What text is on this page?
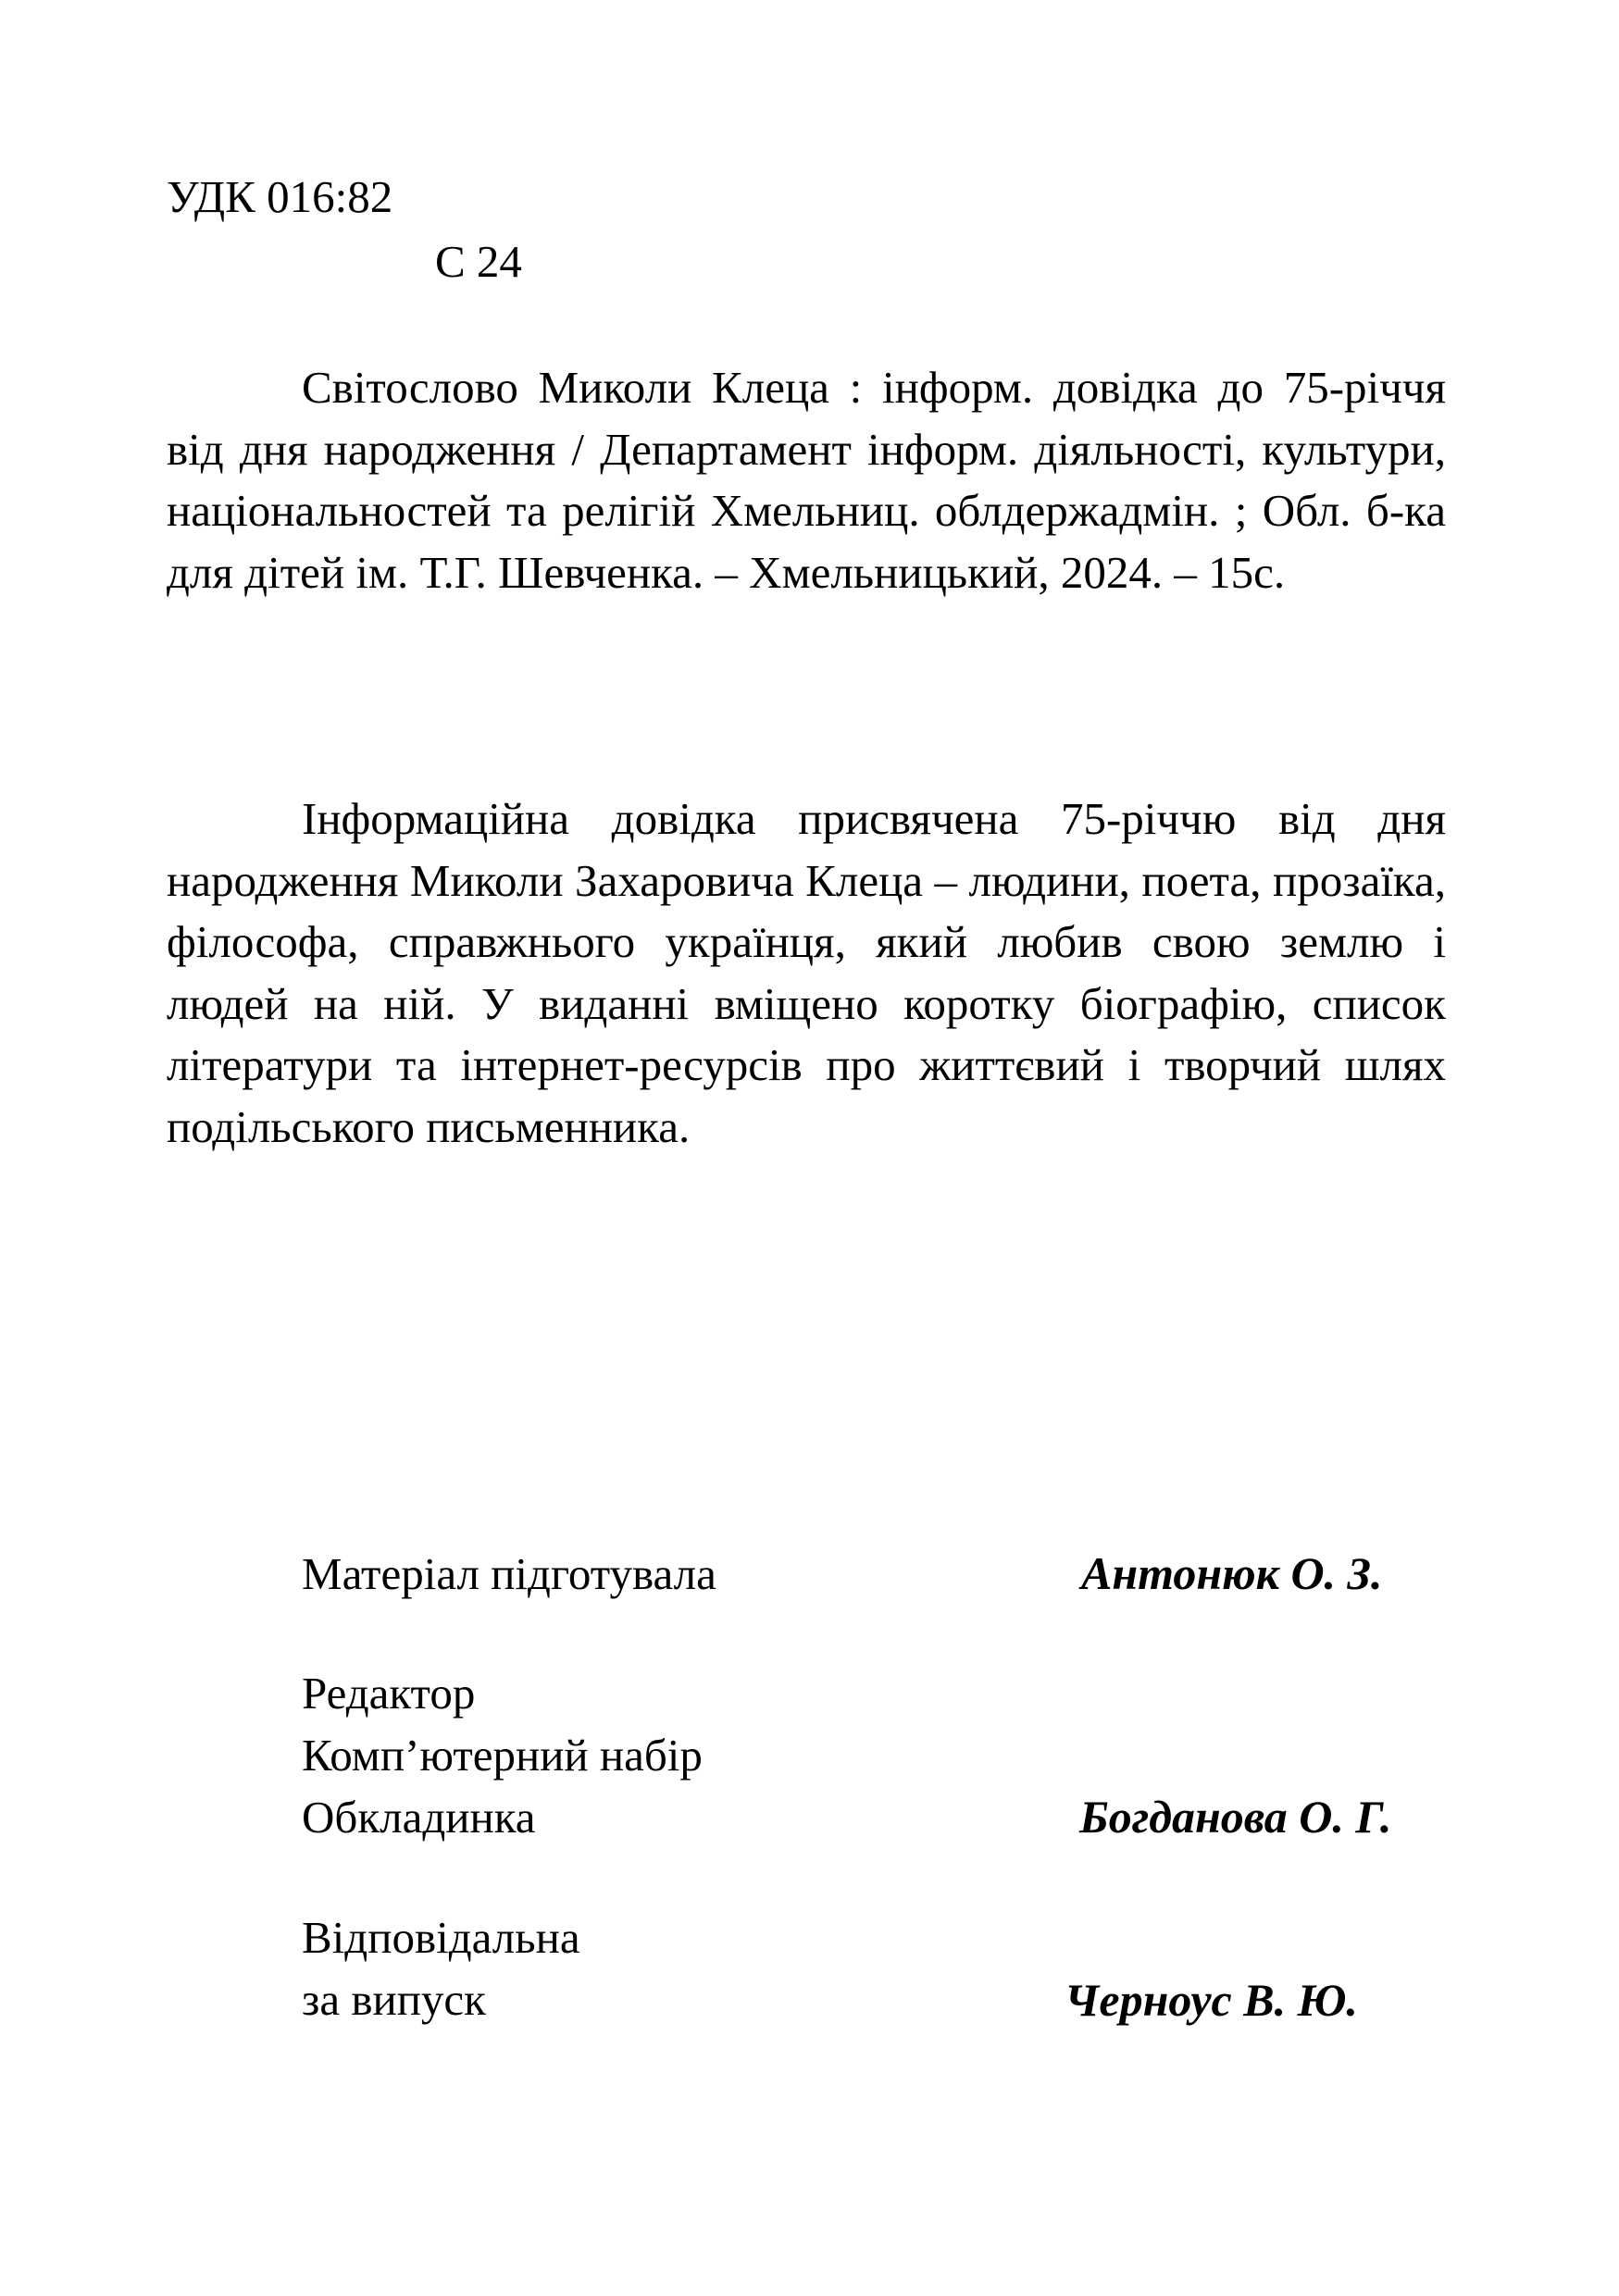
УДК 016:82
С 24
Світослово Миколи Клеца : інформ. довідка до 75-річчя від дня народження / Департамент інформ. діяльності, культури, національностей та релігій Хмельниц. облдержадмін. ; Обл. б-ка для дітей ім. Т.Г. Шевченка. – Хмельницький, 2024. – 15с.
Інформаційна довідка присвячена 75-річчю від дня народження Миколи Захаровича Клеца – людини, поета, прозаїка, філософа, справжнього українця, який любив свою землю і людей на ній. У виданні вміщено коротку біографію, список літератури та інтернет-ресурсів про життєвий і творчий шлях подільського письменника.
Матеріал підготувала	Антонюк О. З.
Редактор
Комп’ютерний набір
Обкладинка	Богданова О. Г.
Відповідальна
за випуск	Черноус В. Ю.
